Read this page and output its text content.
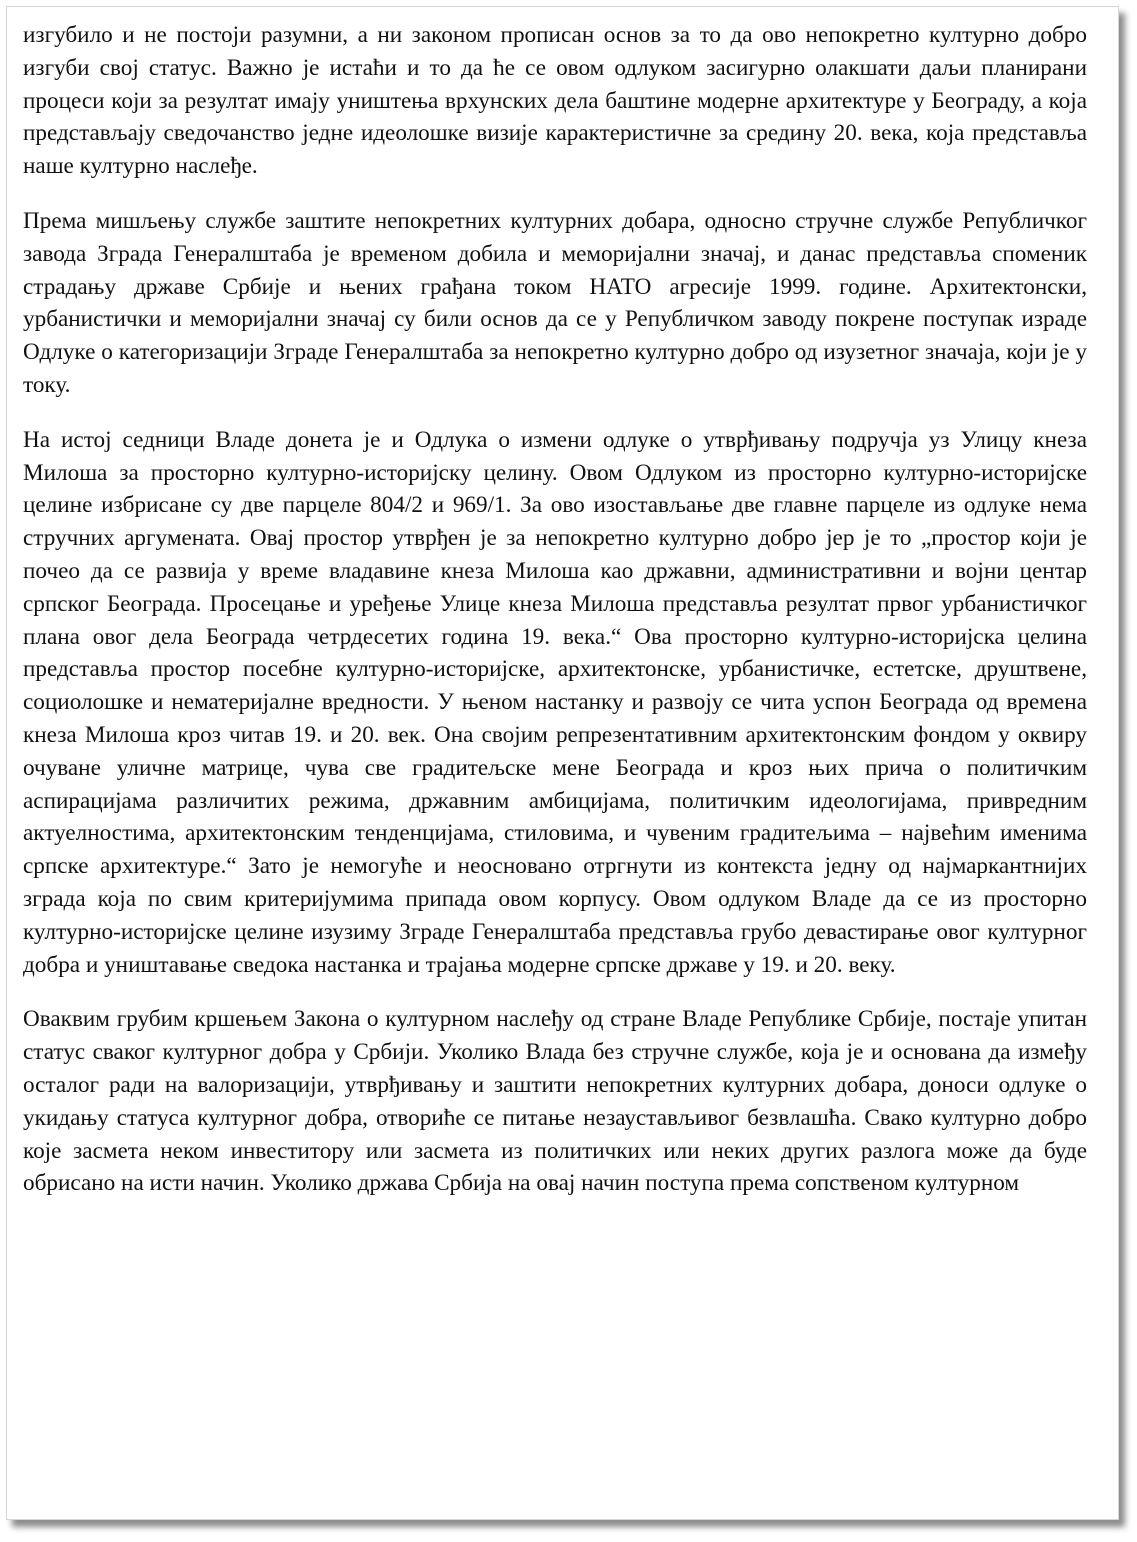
изгубило и не постоји разумни, а ни законом прописан основ за то да ово непокретно културно добро изгуби свој статус. Важно је истаћи и то да ће се овом одлуком засигурно олакшати даљи планирани процеси који за резултат имају уништења врхунских дела баштине модерне архитектуре у Београду, а која представљају сведочанство једне идеолошке визије карактеристичне за средину 20. века, која представља наше културно наслеђе.

Према мишљењу службе заштите непокретних културних добара, односно стручне службе Републичког завода Зграда Генералштаба је временом добила и меморијални значај, и данас представља споменик страдању државе Србије и њених грађана током НАТО агресије 1999. године. Архитектонски, урбанистички и меморијални значај су били основ да се у Републичком заводу покрене поступак израде Одлуке о категоризацији Зграде Генералштаба за непокретно културно добро од изузетног значаја, који је у току.

На истој седници Владе донета је и Одлука о измени одлуке о утврђивању подручја уз Улицу кнеза Милоша за просторно културно-историјску целину. Овом Одлуком из просторно културно-историјске целине избрисане су две парцеле 804/2 и 969/1. За ово изостављање две главне парцеле из одлуке нема стручних аргумената. Овај простор утврђен је за непокретно културно добро јер је то „простор који је почео да се развија у време владавине кнеза Милоша као државни, административни и војни центар српског Београда. Просецање и уређење Улице кнеза Милоша представља резултат првог урбанистичког плана овог дела Београда четрдесетих година 19. века.“ Ова просторно културно-историјска целина представља простор посебне културно-историјске, архитектонске, урбанистичке, естетске, друштвене, социолошке и нематеријалне вредности. У њеном настанку и развоју се чита успон Београда од времена кнеза Милоша кроз читав 19. и 20. век. Она својим репрезентативним архитектонским фондом у оквиру очуване уличне матрице, чува све градитељске мене Београда и кроз њих прича о политичким аспирацијама различитих режима, државним амбицијама, политичким идеологијама, привредним актуелностима, архитектонским тенденцијама, стиловима, и чувеним градитељима – највећим именима српске архитектуре.“ Зато је немогуће и неосновано отргнути из контекста једну од најмаркантнијих зграда која по свим критеријумима припада овом корпусу. Овом одлуком Владе да се из просторно културно-историјске целине изузиму Зграде Генералштаба представља грубо девастирање овог културног добра и уништавање сведока настанка и трајања модерне српске државе у 19. и 20. веку.

Оваквим грубим кршењем Закона о културном наслеђу од стране Владе Републике Србије, постаје упитан статус сваког културног добра у Србији. Уколико Влада без стручне службе, која је и основана да између осталог ради на валоризацији, утврђивању и заштити непокретних културних добара, доноси одлуке о укидању статуса културног добра, отвориће се питање незаустављивог безвлашћа. Свако културно добро које засмета неком инвеститору или засмета из политичких или неких других разлога може да буде обрисано на исти начин. Уколико држава Србија на овај начин поступа према сопственом културном
